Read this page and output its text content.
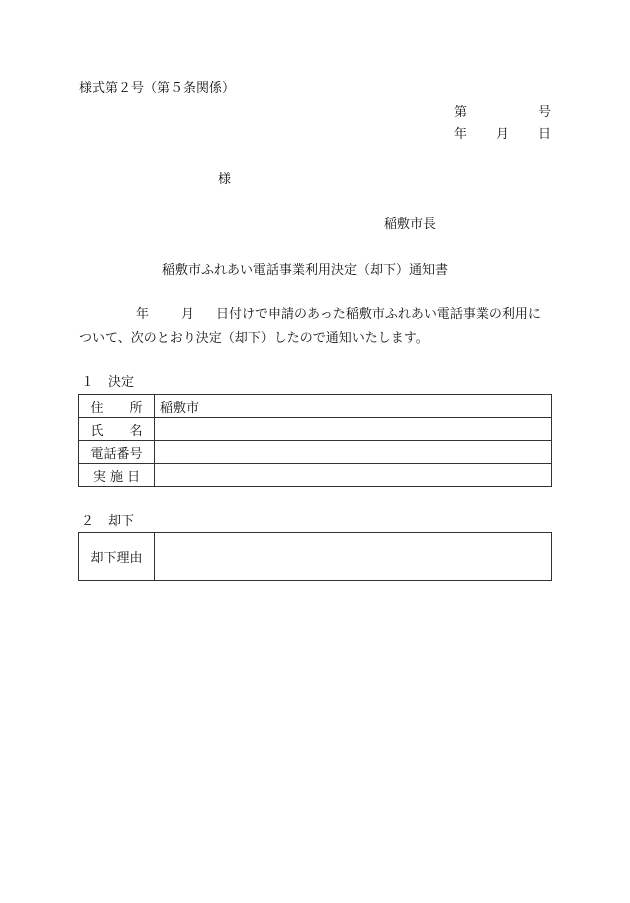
様式第２号（第５条関係）
第	号
年 月 日
様
稲敷市長
稲敷市ふれあい電話事業利用決定（却下）通知書
年 月 日付けで申請のあった稲敷市ふれあい電話事業の利用に
ついて、次のとおり決定（却下）したので通知いたします。
１ 決定
住　　所	稲敷市
氏　　名	
電話番号	
実 施 日	
２ 却下
却下理由	
